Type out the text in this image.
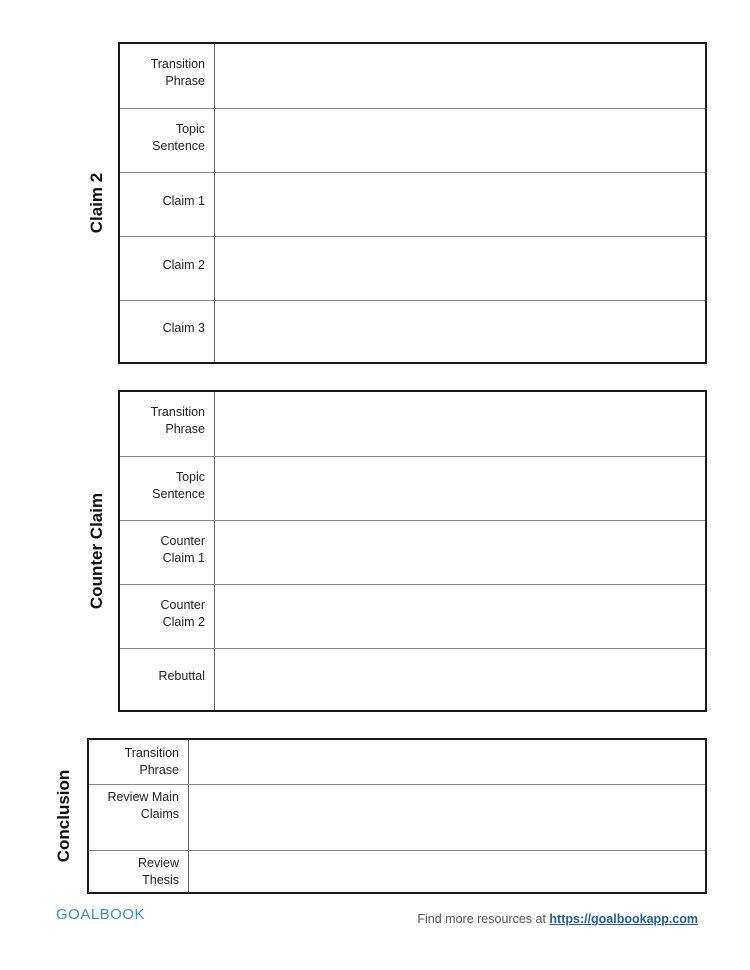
Claim 2
Transition
Phrase
Topic
Sentence
Claim 1
Claim 2
Claim 3
Counter Claim
Transition
Phrase
Topic
Sentence
Counter
Claim 1
Counter
Claim 2
Rebuttal
Conclusion
Transition
Phrase
Review Main
Claims
Review
Thesis
GOALBOOK	Find more resources at https://goalbookapp.com
